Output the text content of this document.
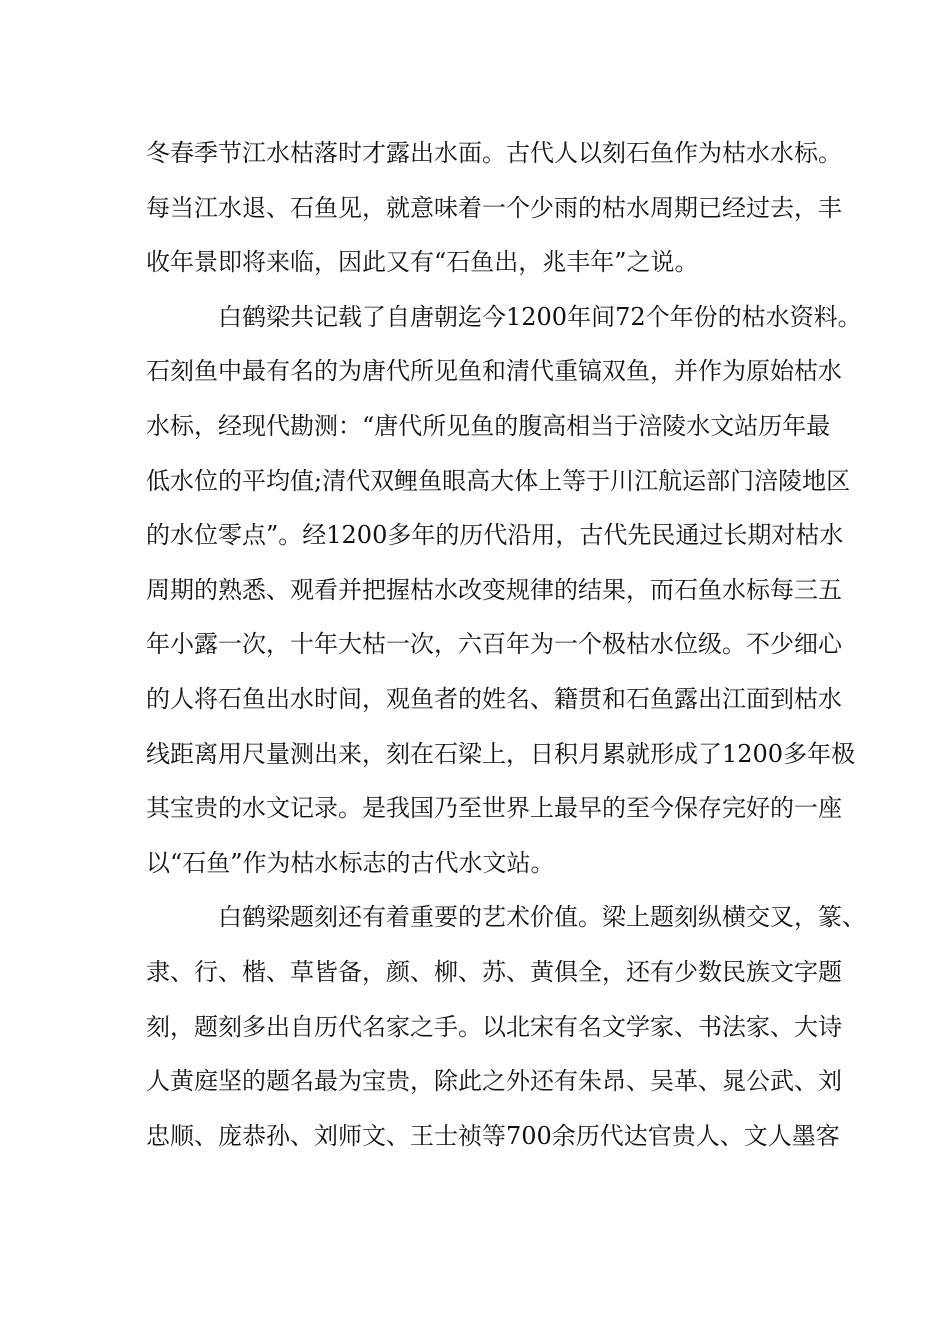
冬春季节江水枯落时才露出水面。古代人以刻石鱼作为枯水水标。
每当江水退、石鱼见，就意味着一个少雨的枯水周期已经过去，丰
收年景即将来临，因此又有“石鱼出，兆丰年”之说。
白鹤梁共记载了自唐朝迄今1200年间72个年份的枯水资料。
石刻鱼中最有名的为唐代所见鱼和清代重镐双鱼，并作为原始枯水
水标，经现代勘测：“唐代所见鱼的腹高相当于涪陵水文站历年最
低水位的平均值;清代双鲤鱼眼高大体上等于川江航运部门涪陵地区
的水位零点”。经1200多年的历代沿用，古代先民通过长期对枯水
周期的熟悉、观看并把握枯水改变规律的结果，而石鱼水标每三五
年小露一次，十年大枯一次，六百年为一个极枯水位级。不少细心
的人将石鱼出水时间，观鱼者的姓名、籍贯和石鱼露出江面到枯水
线距离用尺量测出来，刻在石梁上，日积月累就形成了1200多年极
其宝贵的水文记录。是我国乃至世界上最早的至今保存完好的一座
以“石鱼”作为枯水标志的古代水文站。
白鹤梁题刻还有着重要的艺术价值。梁上题刻纵横交叉，篆、
隶、行、楷、草皆备，颜、柳、苏、黄俱全，还有少数民族文字题
刻，题刻多出自历代名家之手。以北宋有名文学家、书法家、大诗
人黄庭坚的题名最为宝贵，除此之外还有朱昂、吴革、晁公武、刘
忠顺、庞恭孙、刘师文、王士祯等700余历代达官贵人、文人墨客
